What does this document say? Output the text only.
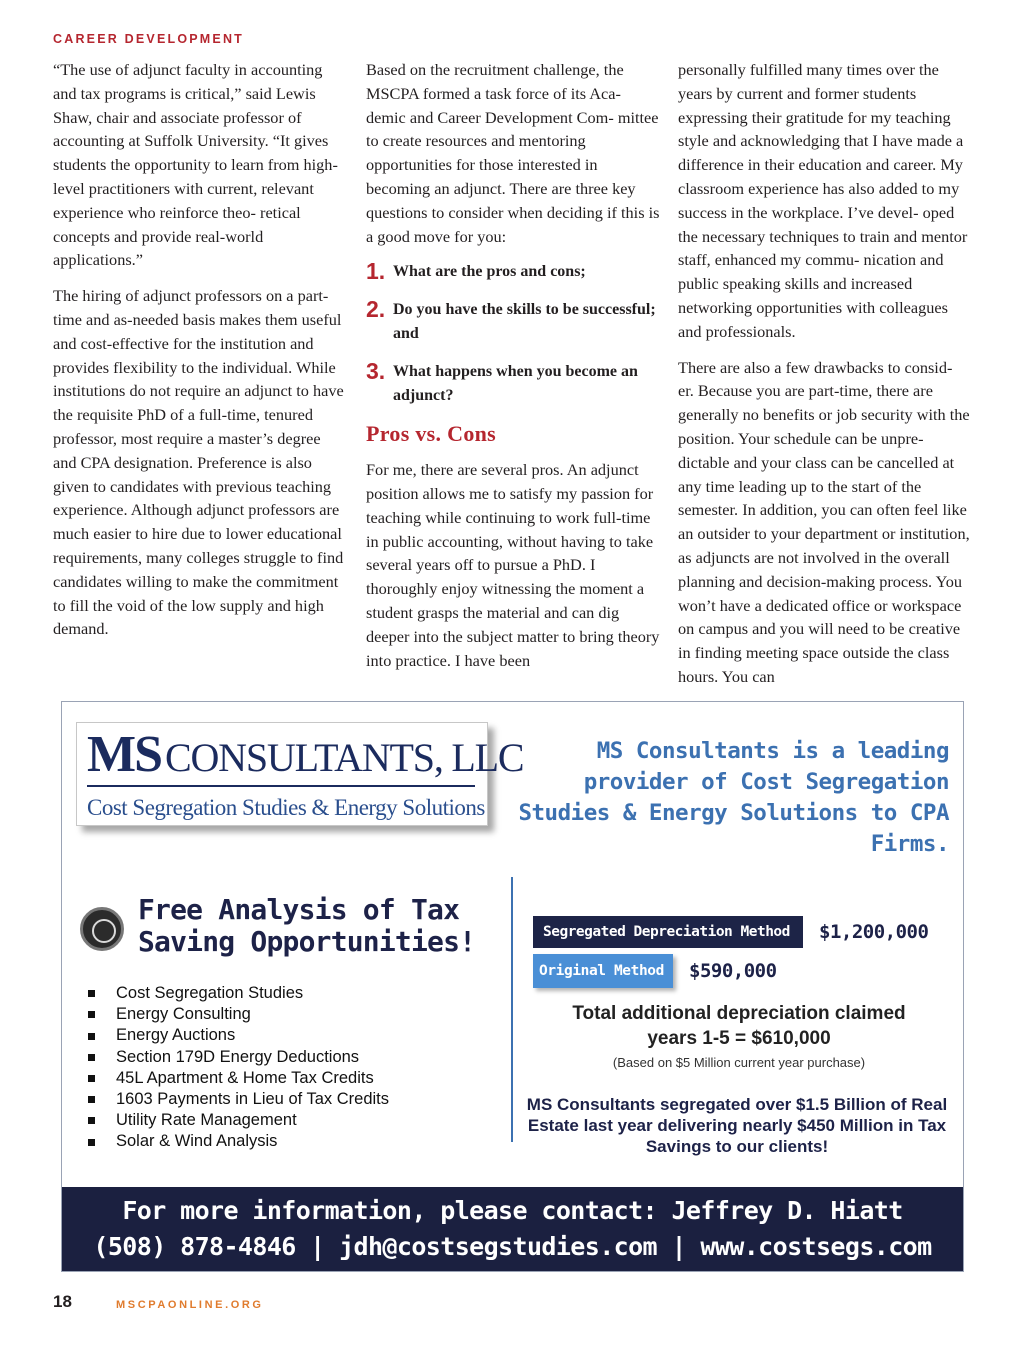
CAREER DEVELOPMENT

“The use of adjunct faculty in accounting and tax programs is critical,” said Lewis Shaw, chair and associate professor of accounting at Suffolk University. “It gives students the opportunity to learn from high-level practitioners with current, relevant experience who reinforce theo- retical concepts and provide real-world applications.”

The hiring of adjunct professors on a part-time and as-needed basis makes them useful and cost-effective for the institution and provides flexibility to the individual. While institutions do not require an adjunct to have the requisite PhD of a full-time, tenured professor, most require a master’s degree and CPA designation. Preference is also given to candidates with previous teaching experience. Although adjunct professors are much easier to hire due to lower educational requirements, many colleges struggle to find candidates willing to make the commitment to fill the void of the low supply and high demand.

Based on the recruitment challenge, the MSCPA formed a task force of its Aca- demic and Career Development Com- mittee to create resources and mentoring opportunities for those interested in becoming an adjunct. There are three key questions to consider when deciding if this is a good move for you:

1. What are the pros and cons;
2. Do you have the skills to be successful; and
3. What happens when you become an adjunct?
Pros vs. Cons

For me, there are several pros. An adjunct position allows me to satisfy my passion for teaching while continuing to work full-time in public accounting, without having to take several years off to pursue a PhD. I thoroughly enjoy witnessing the moment a student grasps the material and can dig deeper into the subject matter to bring theory into practice. I have been

personally fulfilled many times over the years by current and former students expressing their gratitude for my teaching style and acknowledging that I have made a difference in their education and career. My classroom experience has also added to my success in the workplace. I’ve devel- oped the necessary techniques to train and mentor staff, enhanced my commu- nication and public speaking skills and increased networking opportunities with colleagues and professionals.

There are also a few drawbacks to consid- er. Because you are part-time, there are generally no benefits or job security with the position. Your schedule can be unpre- dictable and your class can be cancelled at any time leading up to the start of the semester. In addition, you can often feel like an outsider to your department or institution, as adjuncts are not involved in the overall planning and decision-making process. You won’t have a dedicated office or workspace on campus and you will need to be creative in finding meeting space outside the class hours. You can

MS CONSULTANTS, LLC
Cost Segregation Studies & Energy Solutions
MS Consultants is a leading provider of Cost Segregation Studies & Energy Solutions to CPA Firms.
Free Analysis of Tax Saving Opportunities!
Cost Segregation Studies
Energy Consulting
Energy Auctions
Section 179D Energy Deductions
45L Apartment & Home Tax Credits
1603 Payments in Lieu of Tax Credits
Utility Rate Management
Solar & Wind Analysis
Segregated Depreciation Method	$1,200,000
Original Method	$590,000
Total additional depreciation claimed
years 1-5 = $610,000
(Based on $5 Million current year purchase)
MS Consultants segregated over $1.5 Billion of Real Estate last year delivering nearly $450 Million in Tax Savings to our clients!
For more information, please contact: Jeffrey D. Hiatt
(508) 878-4846 | jdh@costsegstudies.com | www.costsegs.com
18	MSCPAONLINE.ORG
